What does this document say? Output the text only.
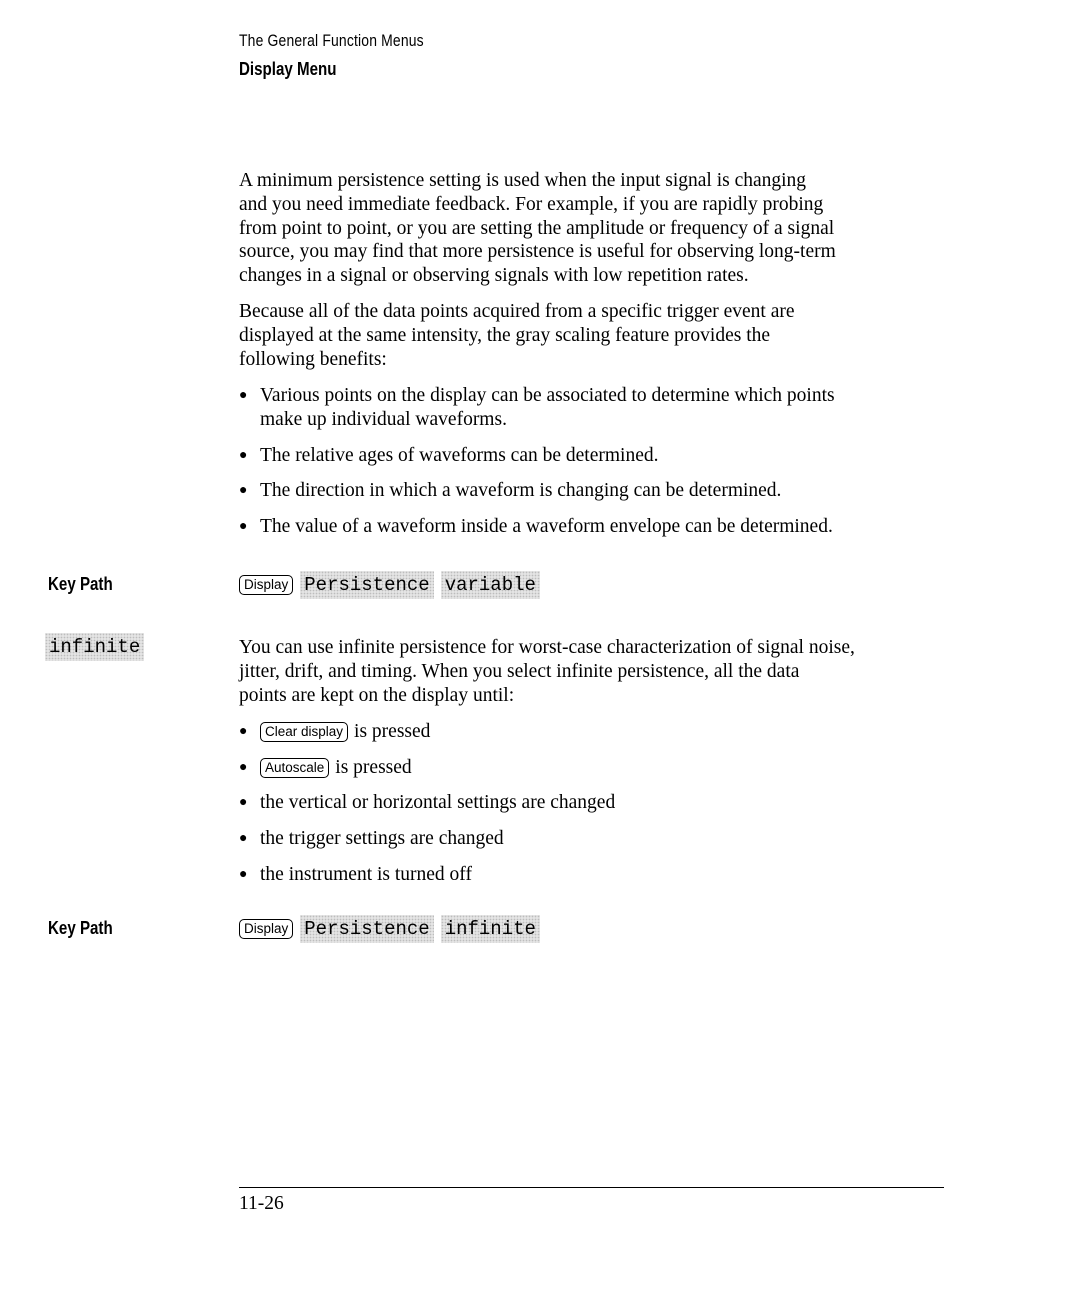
The General Function Menus
Display Menu
A minimum persistence setting is used when the input signal is changing
and you need immediate feedback. For example, if you are rapidly probing
from point to point, or you are setting the amplitude or frequency of a signal
source, you may find that more persistence is useful for observing long-term
changes in a signal or observing signals with low repetition rates.
Because all of the data points acquired from a specific trigger event are
displayed at the same intensity, the gray scaling feature provides the
following benefits:
● Various points on the display can be associated to determine which points
make up individual waveforms.
● The relative ages of waveforms can be determined.
● The direction in which a waveform is changing can be determined.
● The value of a waveform inside a waveform envelope can be determined.
Key Path	Display Persistence variable
infinite	You can use infinite persistence for worst-case characterization of signal noise,
jitter, drift, and timing. When you select infinite persistence, all the data
points are kept on the display until:
●	Clear display is pressed
●	Autoscale is pressed
● the vertical or horizontal settings are changed
● the trigger settings are changed
● the instrument is turned off
Key Path	Display Persistence infinite
11-26
